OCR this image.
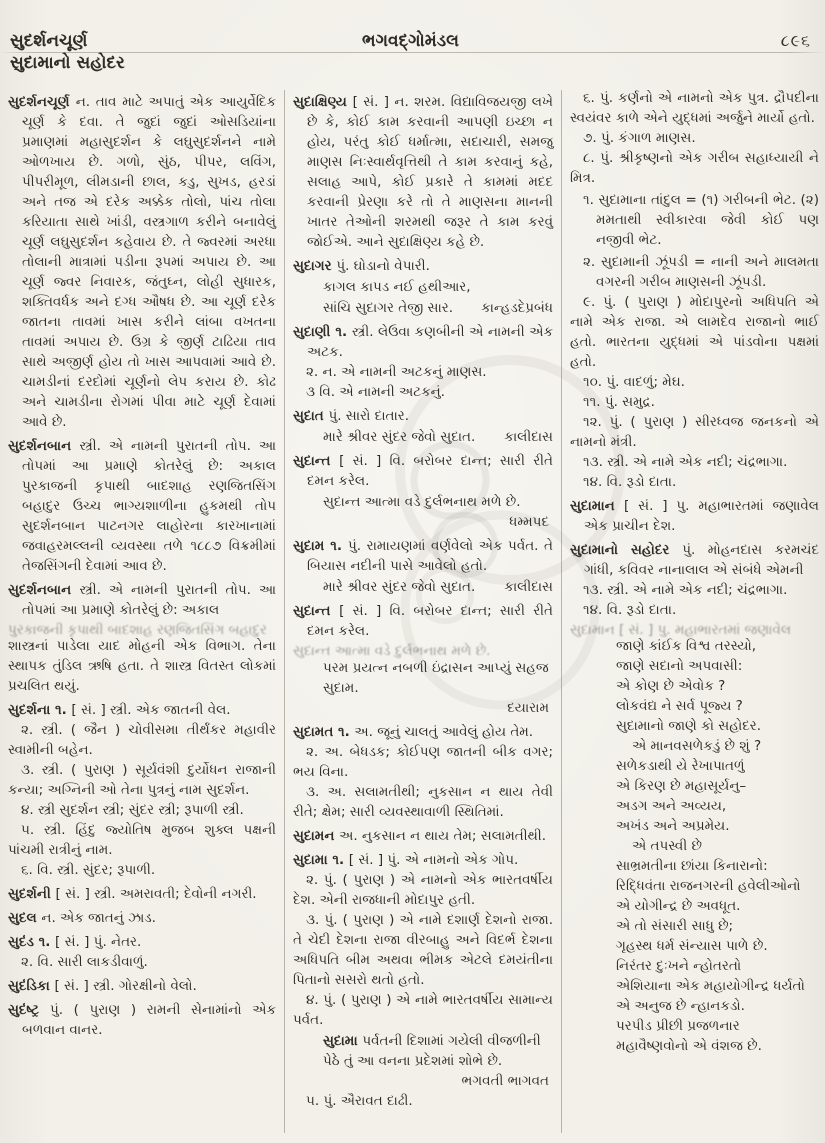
સુદર્શનચૂર્ણ
સુદામાનો સહોદર
ભગવદ્ગોમંડલ	૮૯૬

સુદર્શનચૂર્ણ ન. તાવ માટે અપાતું એક આયુર્વેદિક ચૂર્ણ કે દવા. તે જુદાં જુદાં ઓસડિયાંના પ્રમાણમાં મહાસુદર્શન કે લઘુસુદર્શનને નામે ઓળખાય છે. ગળો, સુંઠ, પીપર, લવિંગ, પીપરીમૂળ, લીમડાની છાલ, કડુ, સુખડ, હરડાં અને તજ એ દરેક અક્કેક તોલો, પાંચ તોલા કરિયાતા સાથે ખાંડી, વસ્ત્રગાળ કરીને બનાવેલું ચૂર્ણ લઘુસુદર્શન કહેવાય છે. તે જ્વરમાં અરધા તોલાની માત્રામાં પડીના રૂપમાં અપાય છે. આ ચૂર્ણ જ્વર નિવારક, જંતુઘ્ન, લોહી સુધારક, શક્તિવર્ધક અને દગ્ધ ઔષધ છે. આ ચૂર્ણ દરેક જાતના તાવમાં ખાસ કરીને લાંબા વખતના તાવમાં અપાય છે. ઉગ્ર કે જીર્ણ ટાઢિયા તાવ સાથે અજીર્ણ હોય તો ખાસ આપવામાં આવે છે. ચામડીનાં દરદોમાં ચૂર્ણનો લેપ કરાય છે. કોઢ અને ચામડીના રોગમાં પીવા માટે ચૂર્ણ દેવામાં આવે છે.

સુદર્શનબાન સ્ત્રી. એ નામની પુરાતની તોપ. આ તોપમાં આ પ્રમાણે કોતરેલું છે: અકાલ પુરકાજની કૃપાથી બાદશાહ રણજિતસિંગ બહાદુર ઉચ્ચ ભાગ્યશાળીના હુકમથી તોપ સુદર્શનબાન પાટનગર લાહોરના કારખાનામાં જવાહરમલ્લની વ્યવસ્થા તળે ૧૮૮૭ વિક્રમીમાં તેજસિંગની દેવામાં આવ છે.

સુદર્શનબાન સ્ત્રી. એ નામની પુરાતની તોપ. આ તોપમાં આ પ્રમાણે કોતરેલું છે: અકાલ

પુરકાજની કૃપાથી બાદશાહ રણજિતસિંગ બહાદુર

શાસ્ત્રનાં પાડેલા યાદ મોહની એક વિભાગ. તેના સ્થાપક તુંડિલ ઋષિ હતા. તે શાસ્ત્ર વિતસ્ત લોકમાં પ્રચલિત થયું.

સુદર્શના ૧. [ સં. ] સ્ત્રી. એક જાતની વેલ.

૨. સ્ત્રી. ( જૈન ) ચોવીસમા તીર્થંકર મહાવીર સ્વામીની બહેન.

૩. સ્ત્રી. ( પુરાણ ) સૂર્યવંશી દુર્યોધન રાજાની કન્યા; અગ્નિની ઓ તેના પુત્રનું નામ સુદર્શન.

૪. સ્ત્રી સુદર્શન સ્ત્રી; સુંદર સ્ત્રી; રૂપાળી સ્ત્રી.

૫. સ્ત્રી. હિંદુ જ્યોતિષ મુજબ શુક્લ પક્ષની પાંચમી રાત્રીનું નામ.

૬. વિ. સ્ત્રી. સુંદર; રૂપાળી.

સુદર્શની [ સં. ] સ્ત્રી. અમરાવતી; દેવોની નગરી.

સુદલ ન. એક જાતનું ઝાડ.

સુદંડ ૧. [ સં. ] પું. નેતર.

૨. વિ. સારી લાકડીવાળું.

સુદંડિકા [ સં. ] સ્ત્રી. ગોરક્ષીનો વેલો.

સુદંષ્ટ્ર પું. ( પુરાણ ) રામની સેનામાંનો એક બળવાન વાનર.

સુદાક્ષિણ્ય [ સં. ] ન. શરમ. વિદ્યાવિજયજી લખે છે કે, કોઈ કામ કરવાની આપણી ઇચ્છા ન હોય, પરંતુ કોઈ ધર્માત્મા, સદાચારી, સમજુ માણસ નિઃસ્વાર્થવૃત્તિથી તે કામ કરવાનું કહે, સલાહ આપે, કોઈ પ્રકારે તે કામમાં મદદ કરવાની પ્રેરણા કરે તો તે માણસના માનની ખાતર તેઓની શરમથી જરૂર તે કામ કરવું જોઈએ. આને સુદાક્ષિણ્ય કહે છે.

સુદાગર પું. ઘોડાનો વેપારી.

કાગલ કાપડ નઈ હથીઆર,

કાન્હડદેપ્રબંધ
સાંચિ સુદાગર તેજી સાર.

સુદાણી ૧. સ્ત્રી. લેઉવા કણબીની એ નામની એક અટક.

૨. ન. એ નામની અટકનું માણસ.

૩ વિ. એ નામની અટકનું.

સુદાત પું. સારો દાતાર.

કાલીદાસ
મારે શ્રીવર સુંદર જેવો સુદાત.

સુદાન્ત [ સં. ] વિ. બરોબર દાન્ત; સારી રીતે દમન કરેલ.

સુદાન્ત આત્મા વડે દુર્લભનાથ મળે છે.

ધમ્મપદ

સુદામ ૧. પું. રામાયણમાં વર્ણવેલો એક પર્વત. તે બિયાસ નદીની પાસે આવેલો હતો.

કાલીદાસ
મારે શ્રીવર સુંદર જેવો સુદાત.

સુદાન્ત [ સં. ] વિ. બરોબર દાન્ત; સારી રીતે દમન કરેલ.

સુદાન્ત આત્મા વડે દુર્લભનાથ મળે છે.

પરમ પ્રયત્ન નબળી ઇંદ્રાસન આપ્યું સહજ સુદામ.

દયારામ

સુદામત ૧. અ. જૂનું ચાલતું આવેલું હોય તેમ.

૨. અ. બેધડક; કોઈપણ જાતની બીક વગર; ભય વિના.

૩. અ. સલામતીથી; નુકસાન ન થાય તેવી રીતે; ક્ષેમ; સારી વ્યવસ્થાવાળી સ્થિતિમાં.

સુદામન અ. નુકસાન ન થાય તેમ; સલામતીથી.

સુદામા ૧. [ સં. ] પું. એ નામનો એક ગોપ.

૨. પું. ( પુરાણ ) એ નામનો એક ભારતવર્ષીય દેશ. એની રાજધાની મોદાપુર હતી.

૩. પું. ( પુરાણ ) એ નામે દશાર્ણ દેશનો રાજા. તે ચેદી દેશના રાજા વીરબાહુ અને વિદર્ભ દેશના અધિપતિ બીમ અથવા ભીમક એટલે દમયંતીના પિતાનો સસરો થતો હતો.

૪. પું. ( પુરાણ ) એ નામે ભારતવર્ષીય સામાન્ય પર્વત.

સુદામા પર્વતની દિશામાં ગયેલી વીજળીની પેઠે તું આ વનના પ્રદેશમાં શોભે છે.

ભગવતી ભાગવત

૫. પું. ઐરાવત દાઢી.

૬. પું. કર્ણનો એ નામનો એક પુત્ર. દ્રૌપદીના સ્વયંવર કાળે એને યુદ્ધમાં અર્જુને માર્યો હતો.

૭. પું. કંગાળ માણસ.

૮. પું. શ્રીકૃષ્ણનો એક ગરીબ સહાધ્યાયી ને મિત્ર.

૧. સુદામાના તાંદુલ = (૧) ગરીબની ભેટ. (૨) મમતાથી સ્વીકારવા જેવી કોઈ પણ નજીવી ભેટ.

૨. સુદામાની ઝૂંપડી = નાની અને માલમતા વગરની ગરીબ માણસની ઝૂંપડી.

૯. પું. ( પુરાણ ) મોદાપુરનો અધિપતિ એ નામે એક રાજા. એ લામદેવ રાજાનો ભાઈ હતો. ભારતના યુદ્ધમાં એ પાંડવોના પક્ષમાં હતો.

૧૦. પું. વાદળું; મેઘ.

૧૧. પું. સમુદ્ર.

૧૨. પું. ( પુરાણ ) સીરધ્વજ જનકનો એ નામનો મંત્રી.

૧૩. સ્ત્રી. એ નામે એક નદી; ચંદ્રભાગા.

૧૪. વિ. રૂડો દાતા.

સુદામાન [ સં. ] પુ. મહાભારતમાં જણાવેલ એક પ્રાચીન દેશ.

સુદામાનો સહોદર પું. મોહનદાસ કરમચંદ ગાંધી, કવિવર નાનાલાલ એ સંબંધે એમની

૧૩. સ્ત્રી. એ નામે એક નદી; ચંદ્રભાગા.

૧૪. વિ. રૂડો દાતા.

સુદામાન [ સં. ] પુ. મહાભારતમાં જણાવેલ

જાણે કાંઈક વિશ્વ તરસ્યો,

જાણે સદાનો અપવાસી:

એ કોણ છે એવોક ?

લોકવંદ્ય ને સર્વ પૂજ્ય ?

સુદામાનો જાણે કો સહોદર.

એ માનવસળેકડું છે શું ?

સળેકડાથી યે રેખાપાતળું

એ કિરણ છે મહાસૂર્યનુ–

અડગ અને અવ્યય,

અખંડ અને અપ્રમેય.

એ તપસ્વી છે

સાભ્રમતીના છાંયા કિનારાનો:

રિદ્ધિવંતા રાજનગરની હવેલીઓનો

એ યોગીન્દ્ર છે અવધૂત.

એ તો સંસારી સાધુ છે;

ગૃહસ્થ ધર્મ સંન્યાસ પાળે છે.

નિરંતર દુઃખને ન્હોતરતો

એશિયાના એક મહાયોગીન્દ્ર ધર્યતો

એ અનુજ છે ન્હાનકડો.

પરપીડ પ્રીછી પ્રજળનાર

મહાવૈષ્ણવોનો એ વંશજ છે.
